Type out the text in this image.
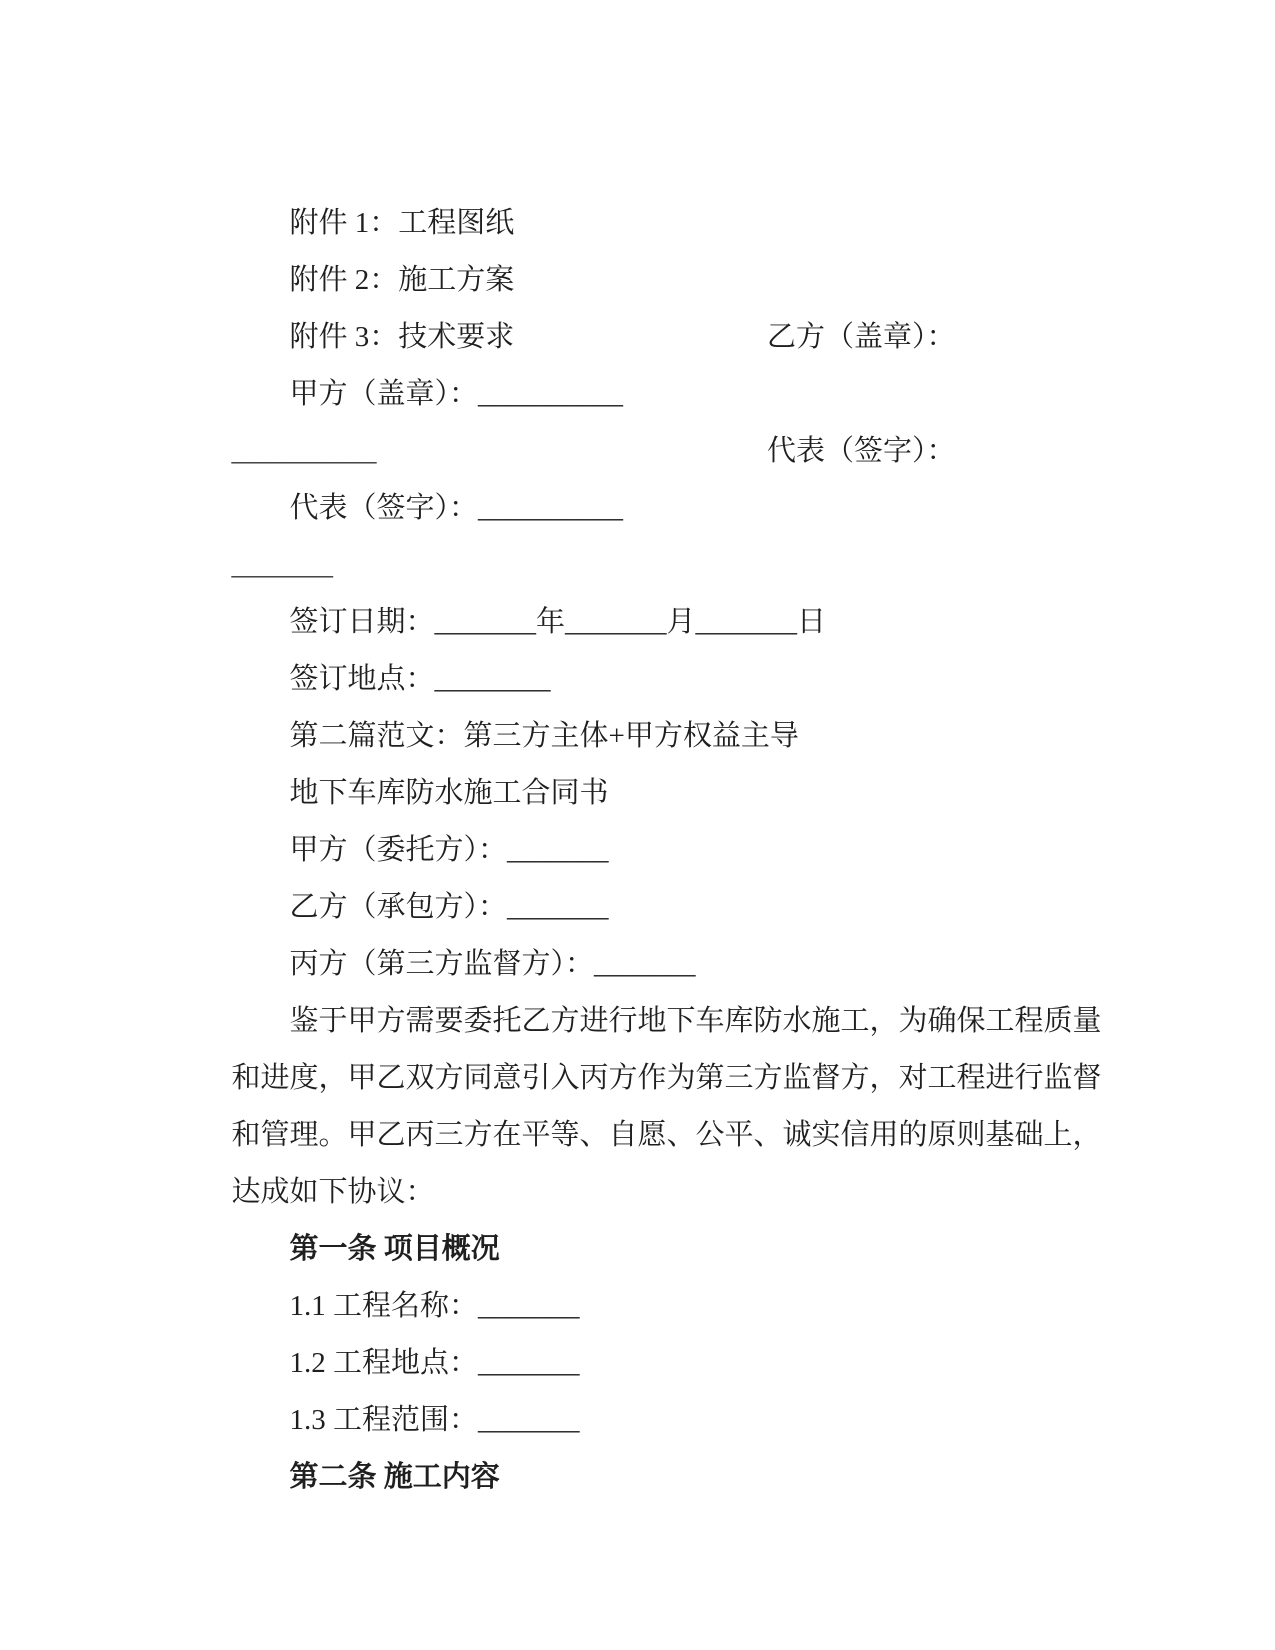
附件 1：工程图纸

附件 2：施工方案

附件 3：技术要求

甲方（盖章）：__________

乙方（盖章）：

__________

代表（签字）：__________

代表（签字）：

_______

签订日期：_______年_______月_______日

签订地点：________

第二篇范文：第三方主体+甲方权益主导

地下车库防水施工合同书

甲方（委托方）：_______

乙方（承包方）：_______

丙方（第三方监督方）：_______

鉴于甲方需要委托乙方进行地下车库防水施工，为确保工程质量

和进度，甲乙双方同意引入丙方作为第三方监督方，对工程进行监督

和管理。甲乙丙三方在平等、自愿、公平、诚实信用的原则基础上，

达成如下协议：

第一条 项目概况

1.1 工程名称：_______

1.2 工程地点：_______

1.3 工程范围：_______

第二条 施工内容
